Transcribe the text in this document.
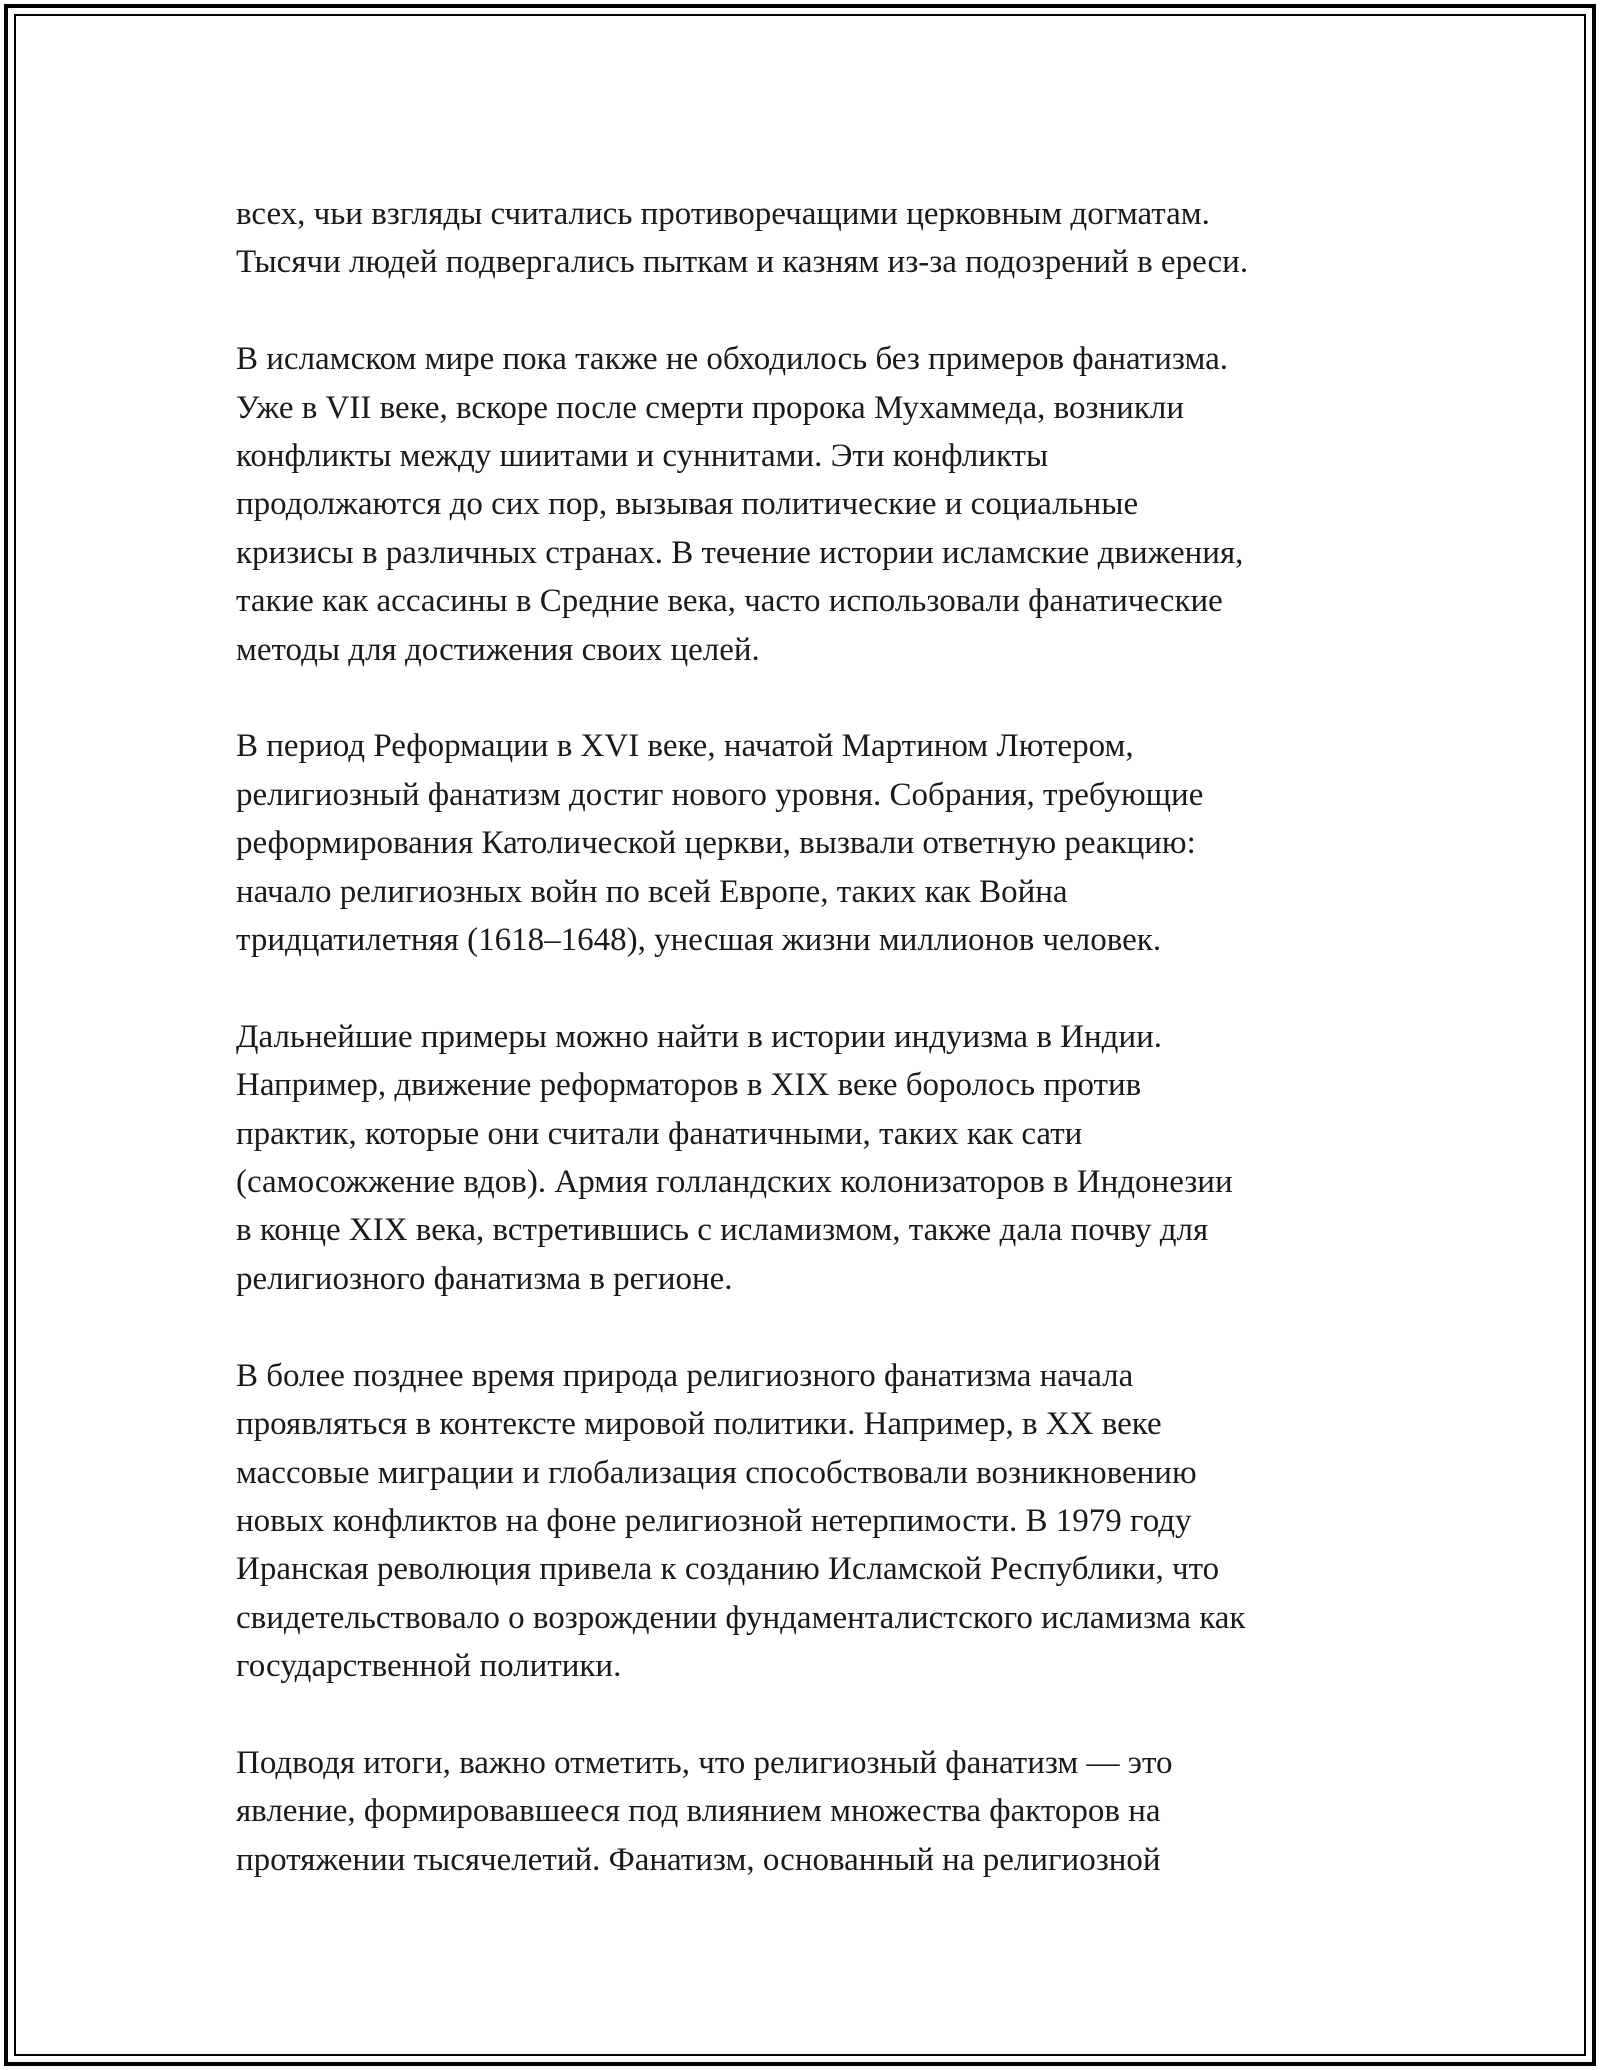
всех, чьи взгляды считались противоречащими церковным догматам.
Тысячи людей подвергались пыткам и казням из-за подозрений в ереси.

В исламском мире пока также не обходилось без примеров фанатизма.
Уже в VII веке, вскоре после смерти пророка Мухаммеда, возникли
конфликты между шиитами и суннитами. Эти конфликты
продолжаются до сих пор, вызывая политические и социальные
кризисы в различных странах. В течение истории исламские движения,
такие как ассасины в Средние века, часто использовали фанатические
методы для достижения своих целей.

В период Реформации в XVI веке, начатой Мартином Лютером,
религиозный фанатизм достиг нового уровня. Собрания, требующие
реформирования Католической церкви, вызвали ответную реакцию:
начало религиозных войн по всей Европе, таких как Война
тридцатилетняя (1618–1648), унесшая жизни миллионов человек.

Дальнейшие примеры можно найти в истории индуизма в Индии.
Например, движение реформаторов в XIX веке боролось против
практик, которые они считали фанатичными, таких как сати
(самосожжение вдов). Армия голландских колонизаторов в Индонезии
в конце XIX века, встретившись с исламизмом, также дала почву для
религиозного фанатизма в регионе.

В более позднее время природа религиозного фанатизма начала
проявляться в контексте мировой политики. Например, в XX веке
массовые миграции и глобализация способствовали возникновению
новых конфликтов на фоне религиозной нетерпимости. В 1979 году
Иранская революция привела к созданию Исламской Республики, что
свидетельствовало о возрождении фундаменталистского исламизма как
государственной политики.

Подводя итоги, важно отметить, что религиозный фанатизм — это
явление, формировавшееся под влиянием множества факторов на
протяжении тысячелетий. Фанатизм, основанный на религиозной
